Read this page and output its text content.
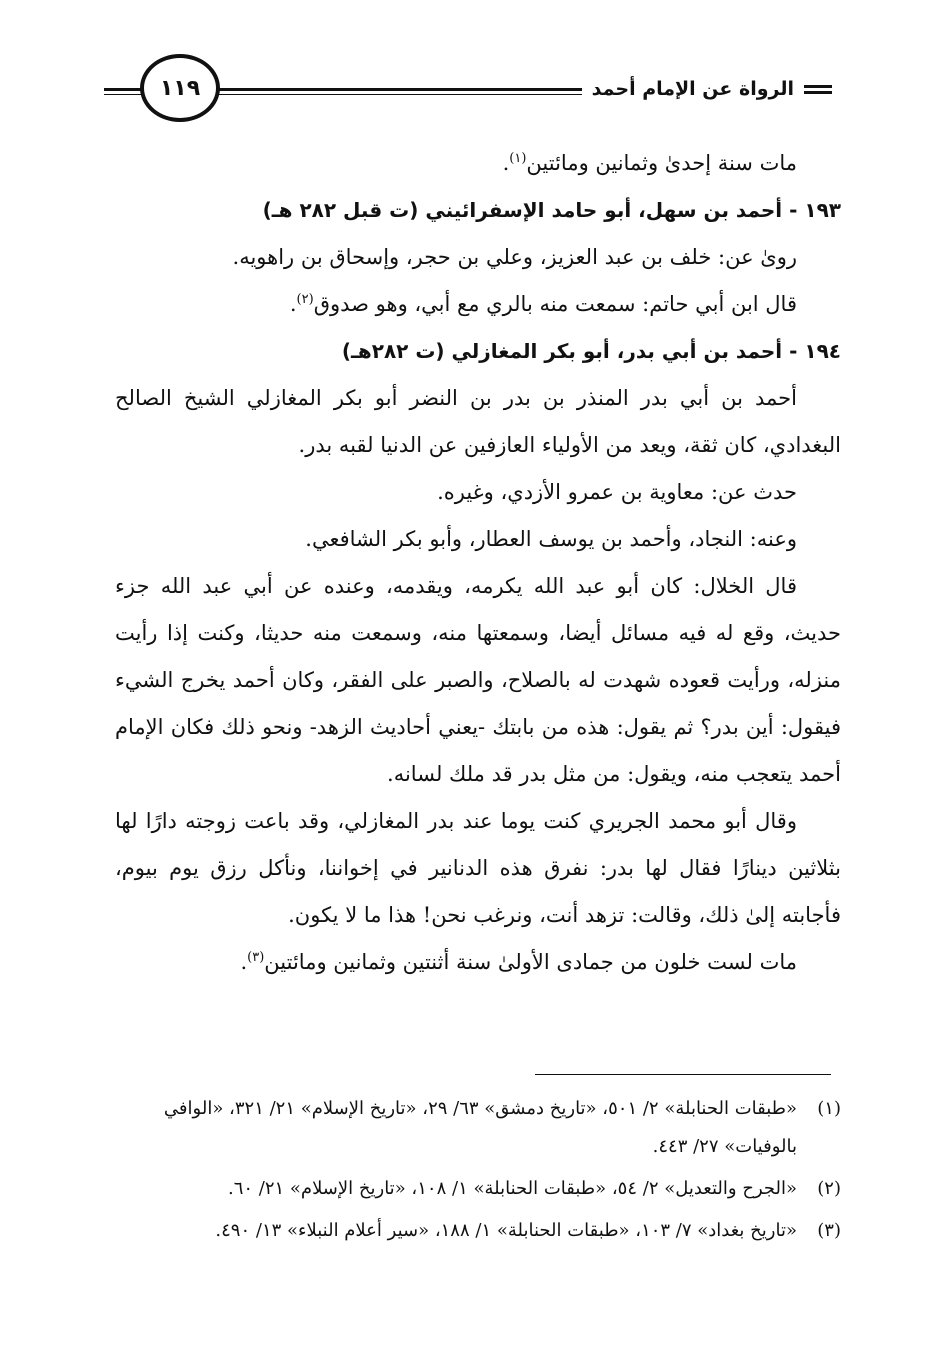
الرواة عن الإمام أحمد
١١٩

مات سنة إحدىٰ وثمانين ومائتين$^{(١)}$.

١٩٣ - أحمد بن سهل، أبو حامد الإسفرائيني (ت قبل ٢٨٢ هـ)

روىٰ عن: خلف بن عبد العزيز، وعلي بن حجر، وإسحاق بن راهويه.

قال ابن أبي حاتم: سمعت منه بالري مع أبي، وهو صدوق$^{(٢)}$.

١٩٤ - أحمد بن أبي بدر، أبو بكر المغازلي (ت ٢٨٢هـ)

أحمد بن أبي بدر المنذر بن بدر بن النضر أبو بكر المغازلي الشيخ الصالح البغدادي، كان ثقة، ويعد من الأولياء العازفين عن الدنيا لقبه بدر.

حدث عن: معاوية بن عمرو الأزدي، وغيره.

وعنه: النجاد، وأحمد بن يوسف العطار، وأبو بكر الشافعي.

قال الخلال: كان أبو عبد الله يكرمه، ويقدمه، وعنده عن أبي عبد الله جزء حديث، وقع له فيه مسائل أيضا، وسمعتها منه، وسمعت منه حديثا، وكنت إذا رأيت منزله، ورأيت قعوده شهدت له بالصلاح، والصبر على الفقر، وكان أحمد يخرج الشيء فيقول: أين بدر؟ ثم يقول: هذه من بابتك -يعني أحاديث الزهد- ونحو ذلك فكان الإمام أحمد يتعجب منه، ويقول: من مثل بدر قد ملك لسانه.

وقال أبو محمد الجريري كنت يوما عند بدر المغازلي، وقد باعت زوجته دارًا لها بثلاثين دينارًا فقال لها بدر: نفرق هذه الدنانير في إخواننا، ونأكل رزق يوم بيوم، فأجابته إلىٰ ذلك، وقالت: تزهد أنت، ونرغب نحن! هذا ما لا يكون.

مات لست خلون من جمادى الأولىٰ سنة أثنتين وثمانين ومائتين$^{(٣)}$.

(١)
«طبقات الحنابلة» ٢/ ٥٠١، «تاريخ دمشق» ٦٣/ ٢٩، «تاريخ الإسلام» ٢١/ ٣٢١، «الوافي بالوفيات» ٢٧/ ٤٤٣.
(٢)
«الجرح والتعديل» ٢/ ٥٤، «طبقات الحنابلة» ١/ ١٠٨، «تاريخ الإسلام» ٢١/ ٦٠.
(٣)
«تاريخ بغداد» ٧/ ١٠٣، «طبقات الحنابلة» ١/ ١٨٨، «سير أعلام النبلاء» ١٣/ ٤٩٠.
